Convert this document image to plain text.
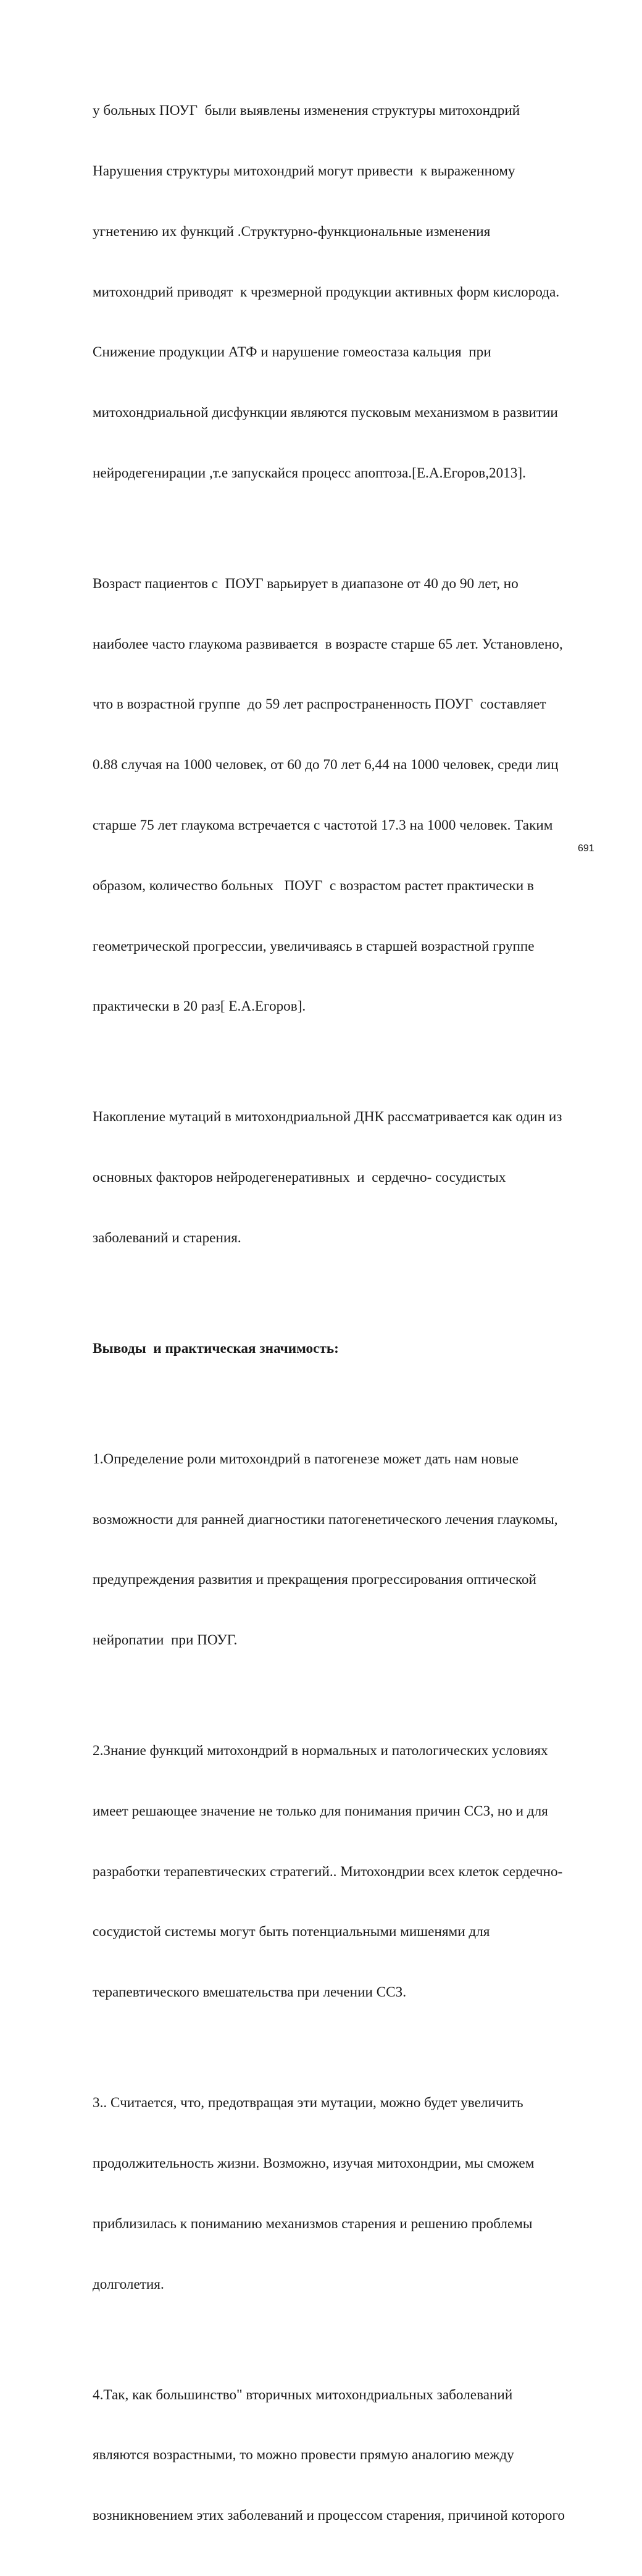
у больных ПОУГ  были выявлены изменения структуры митохондрий

Нарушения структуры митохондрий могут привести  к выраженному

угнетению их функций .Структурно-функциональные изменения

митохондрий приводят  к чрезмерной продукции активных форм кислорода.

Снижение продукции АТФ и нарушение гомеостаза кальция  при

митохондриальной дисфункции являются пусковым механизмом в развитии

нейродегенирации ,т.е запускайся процесс апоптоза.[Е.А.Егоров,2013].

Возраст пациентов с  ПОУГ варьирует в диапазоне от 40 до 90 лет, но

наиболее часто глаукома развивается  в возрасте старше 65 лет. Установлено,

что в возрастной группе  до 59 лет распространенность ПОУГ  составляет

0.88 случая на 1000 человек, от 60 до 70 лет 6,44 на 1000 человек, среди лиц

старше 75 лет глаукома встречается с частотой 17.3 на 1000 человек. Таким

образом, количество больных   ПОУГ  с возрастом растет практически в

геометрической прогрессии, увеличиваясь в старшей возрастной группе

практически в 20 раз[ Е.А.Егоров].

Накопление мутаций в митохондриальной ДНК рассматривается как один из

основных факторов нейродегенеративных  и  сердечно- сосудистых

заболеваний и старения.

Выводы  и практическая значимость:

1.Определение роли митохондрий в патогенезе может дать нам новые

возможности для ранней диагностики патогенетического лечения глаукомы,

предупреждения развития и прекращения прогрессирования оптической

нейропатии  при ПОУГ.

2.Знание функций митохондрий в нормальных и патологических условиях

имеет решающее значение не только для понимания причин ССЗ, но и для

разработки терапевтических стратегий.. Митохондрии всех клеток сердечно-

сосудистой системы могут быть потенциальными мишенями для

терапевтического вмешательства при лечении ССЗ.

3.. Считается, что, предотвращая эти мутации, можно будет увеличить

продолжительность жизни. Возможно, изучая митохондрии, мы сможем

приблизилась к пониманию механизмов старения и решению проблемы

долголетия.

4.Так, как большинство" вторичных митохондриальных заболеваний

являются возрастными, то можно провести прямую аналогию между

возникновением этих заболеваний и процессом старения, причиной которого

691
